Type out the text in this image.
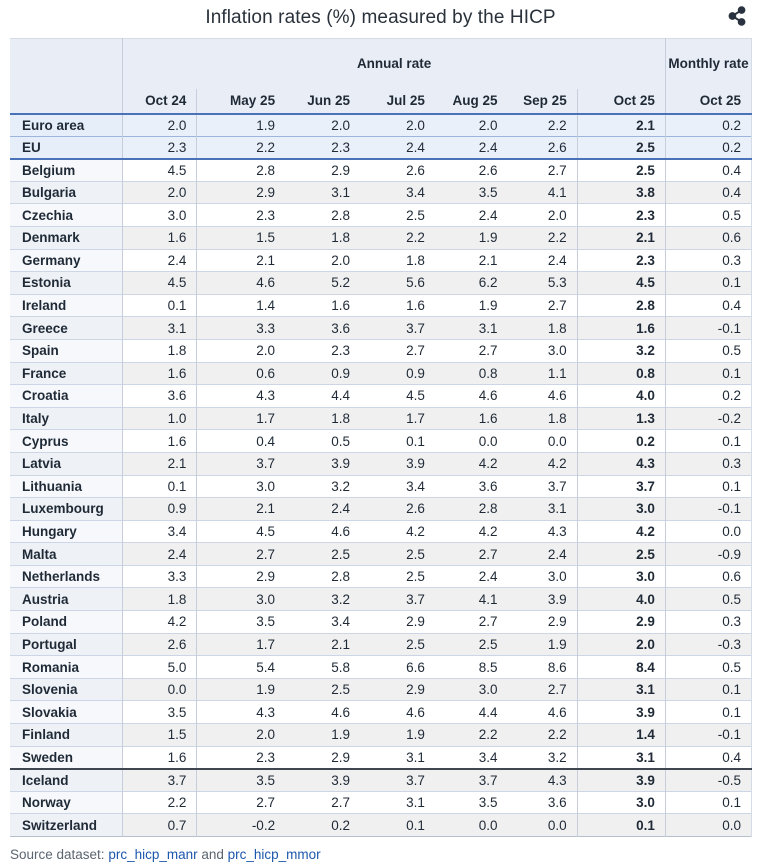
Inflation rates (%) measured by the HICP
	Annual rate							Monthly rate
	Oct 24	May 25	Jun 25	Jul 25	Aug 25	Sep 25	Oct 25	Oct 25
Euro area	2.0	1.9	2.0	2.0	2.0	2.2	2.1	0.2
EU	2.3	2.2	2.3	2.4	2.4	2.6	2.5	0.2
Belgium	4.5	2.8	2.9	2.6	2.6	2.7	2.5	0.4
Bulgaria	2.0	2.9	3.1	3.4	3.5	4.1	3.8	0.4
Czechia	3.0	2.3	2.8	2.5	2.4	2.0	2.3	0.5
Denmark	1.6	1.5	1.8	2.2	1.9	2.2	2.1	0.6
Germany	2.4	2.1	2.0	1.8	2.1	2.4	2.3	0.3
Estonia	4.5	4.6	5.2	5.6	6.2	5.3	4.5	0.1
Ireland	0.1	1.4	1.6	1.6	1.9	2.7	2.8	0.4
Greece	3.1	3.3	3.6	3.7	3.1	1.8	1.6	-0.1
Spain	1.8	2.0	2.3	2.7	2.7	3.0	3.2	0.5
France	1.6	0.6	0.9	0.9	0.8	1.1	0.8	0.1
Croatia	3.6	4.3	4.4	4.5	4.6	4.6	4.0	0.2
Italy	1.0	1.7	1.8	1.7	1.6	1.8	1.3	-0.2
Cyprus	1.6	0.4	0.5	0.1	0.0	0.0	0.2	0.1
Latvia	2.1	3.7	3.9	3.9	4.2	4.2	4.3	0.3
Lithuania	0.1	3.0	3.2	3.4	3.6	3.7	3.7	0.1
Luxembourg	0.9	2.1	2.4	2.6	2.8	3.1	3.0	-0.1
Hungary	3.4	4.5	4.6	4.2	4.2	4.3	4.2	0.0
Malta	2.4	2.7	2.5	2.5	2.7	2.4	2.5	-0.9
Netherlands	3.3	2.9	2.8	2.5	2.4	3.0	3.0	0.6
Austria	1.8	3.0	3.2	3.7	4.1	3.9	4.0	0.5
Poland	4.2	3.5	3.4	2.9	2.7	2.9	2.9	0.3
Portugal	2.6	1.7	2.1	2.5	2.5	1.9	2.0	-0.3
Romania	5.0	5.4	5.8	6.6	8.5	8.6	8.4	0.5
Slovenia	0.0	1.9	2.5	2.9	3.0	2.7	3.1	0.1
Slovakia	3.5	4.3	4.6	4.6	4.4	4.6	3.9	0.1
Finland	1.5	2.0	1.9	1.9	2.2	2.2	1.4	-0.1
Sweden	1.6	2.3	2.9	3.1	3.4	3.2	3.1	0.4
Iceland	3.7	3.5	3.9	3.7	3.7	4.3	3.9	-0.5
Norway	2.2	2.7	2.7	3.1	3.5	3.6	3.0	0.1
Switzerland	0.7	-0.2	0.2	0.1	0.0	0.0	0.1	0.0
Source dataset: prc_hicp_manr and prc_hicp_mmor
